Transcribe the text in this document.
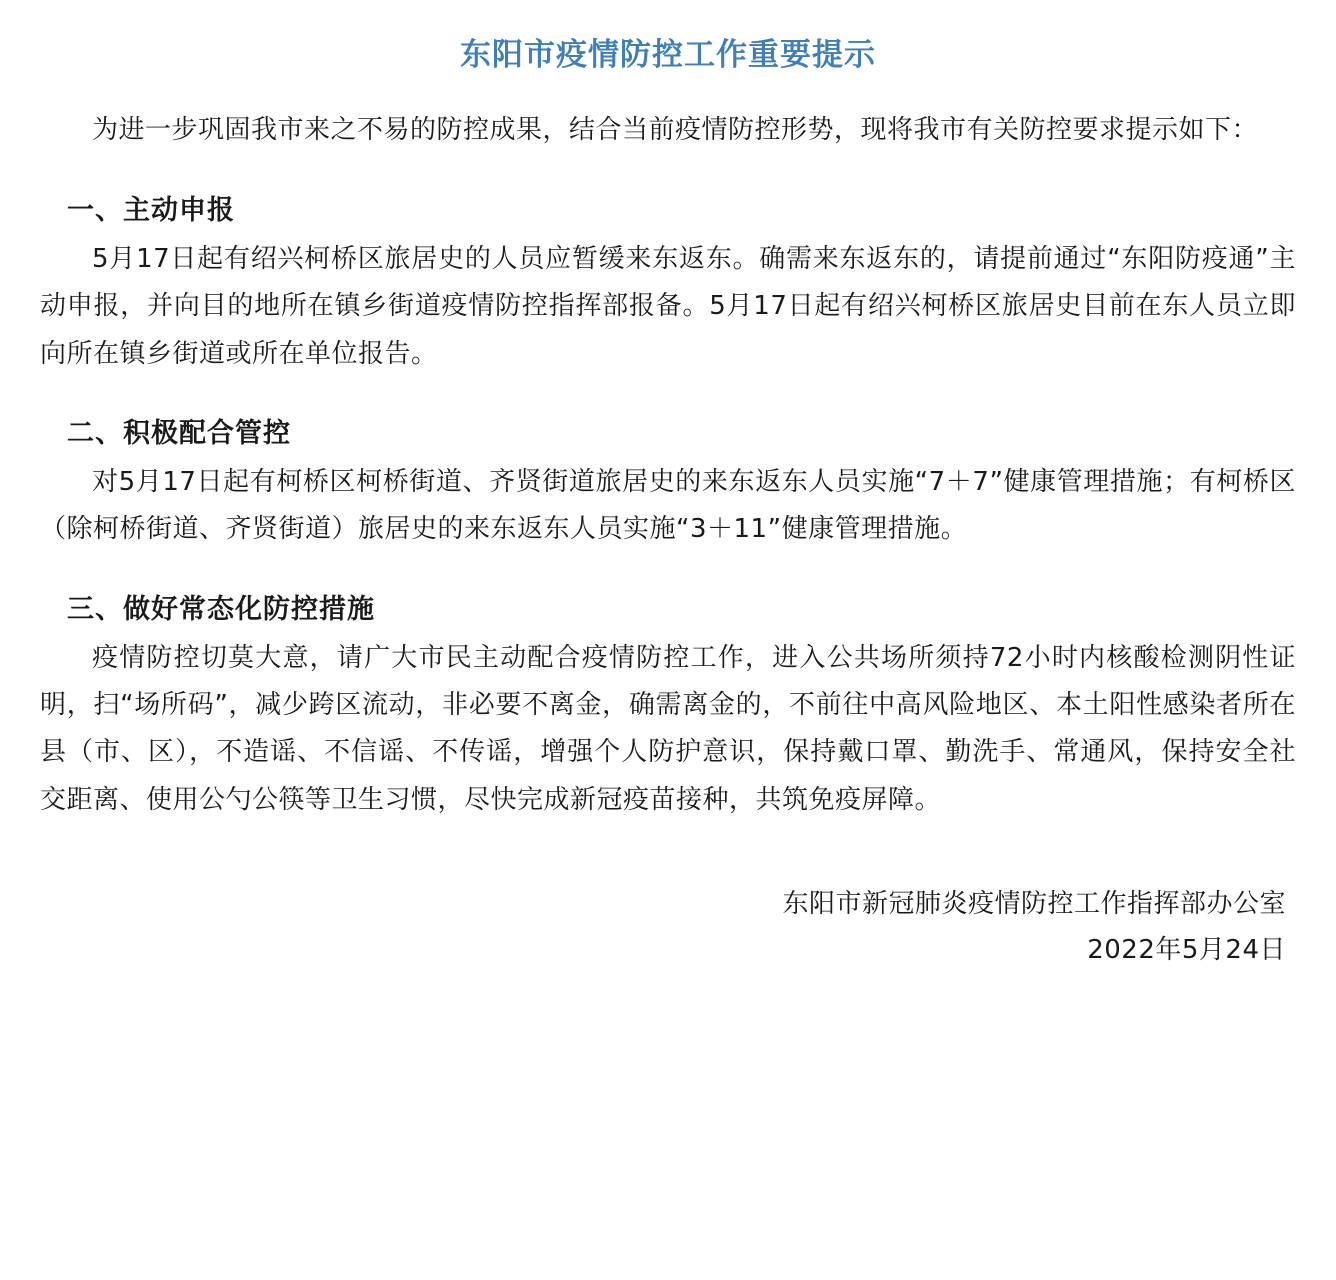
东阳市疫情防控工作重要提示

为进一步巩固我市来之不易的防控成果，结合当前疫情防控形势，现将我市有关防控要求提示如下：

一、主动申报

5月17日起有绍兴柯桥区旅居史的人员应暂缓来东返东。确需来东返东的，请提前通过“东阳防疫通”主动申报，并向目的地所在镇乡街道疫情防控指挥部报备。5月17日起有绍兴柯桥区旅居史目前在东人员立即向所在镇乡街道或所在单位报告。

二、积极配合管控

对5月17日起有柯桥区柯桥街道、齐贤街道旅居史的来东返东人员实施“7＋7”健康管理措施；有柯桥区（除柯桥街道、齐贤街道）旅居史的来东返东人员实施“3＋11”健康管理措施。

三、做好常态化防控措施

疫情防控切莫大意，请广大市民主动配合疫情防控工作，进入公共场所须持72小时内核酸检测阴性证明，扫“场所码”，减少跨区流动，非必要不离金，确需离金的，不前往中高风险地区、本土阳性感染者所在县（市、区），不造谣、不信谣、不传谣，增强个人防护意识，保持戴口罩、勤洗手、常通风，保持安全社交距离、使用公勺公筷等卫生习惯，尽快完成新冠疫苗接种，共筑免疫屏障。

东阳市新冠肺炎疫情防控工作指挥部办公室
2022年5月24日
